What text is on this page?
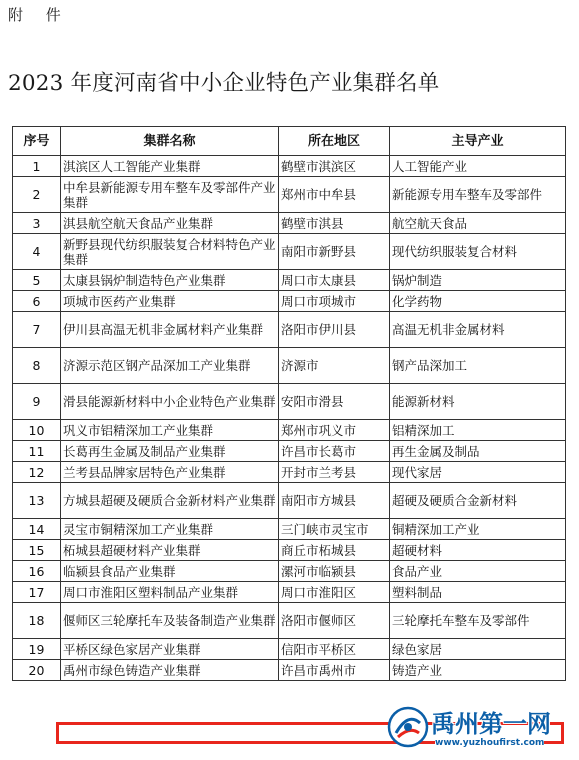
附 件
2023 年度河南省中小企业特色产业集群名单
序号	集群名称	所在地区	主导产业
1	淇滨区人工智能产业集群	鹤壁市淇滨区	人工智能产业
2	中牟县新能源专用车整车及零部件产业集群	郑州市中牟县	新能源专用车整车及零部件
3	淇县航空航天食品产业集群	鹤壁市淇县	航空航天食品
4	新野县现代纺织服装复合材料特色产业集群	南阳市新野县	现代纺织服装复合材料
5	太康县锅炉制造特色产业集群	周口市太康县	锅炉制造
6	项城市医药产业集群	周口市项城市	化学药物
7	伊川县高温无机非金属材料产业集群	洛阳市伊川县	高温无机非金属材料
8	济源示范区钢产品深加工产业集群	济源市	钢产品深加工
9	滑县能源新材料中小企业特色产业集群	安阳市滑县	能源新材料
10	巩义市铝精深加工产业集群	郑州市巩义市	铝精深加工
11	长葛再生金属及制品产业集群	许昌市长葛市	再生金属及制品
12	兰考县品牌家居特色产业集群	开封市兰考县	现代家居
13	方城县超硬及硬质合金新材料产业集群	南阳市方城县	超硬及硬质合金新材料
14	灵宝市铜精深加工产业集群	三门峡市灵宝市	铜精深加工产业
15	柘城县超硬材料产业集群	商丘市柘城县	超硬材料
16	临颍县食品产业集群	漯河市临颍县	食品产业
17	周口市淮阳区塑料制品产业集群	周口市淮阳区	塑料制品
18	偃师区三轮摩托车及装备制造产业集群	洛阳市偃师区	三轮摩托车整车及零部件
19	平桥区绿色家居产业集群	信阳市平桥区	绿色家居
20	禹州市绿色铸造产业集群	许昌市禹州市	铸造产业
禹州第一网
www.yuzhoufirst.com
